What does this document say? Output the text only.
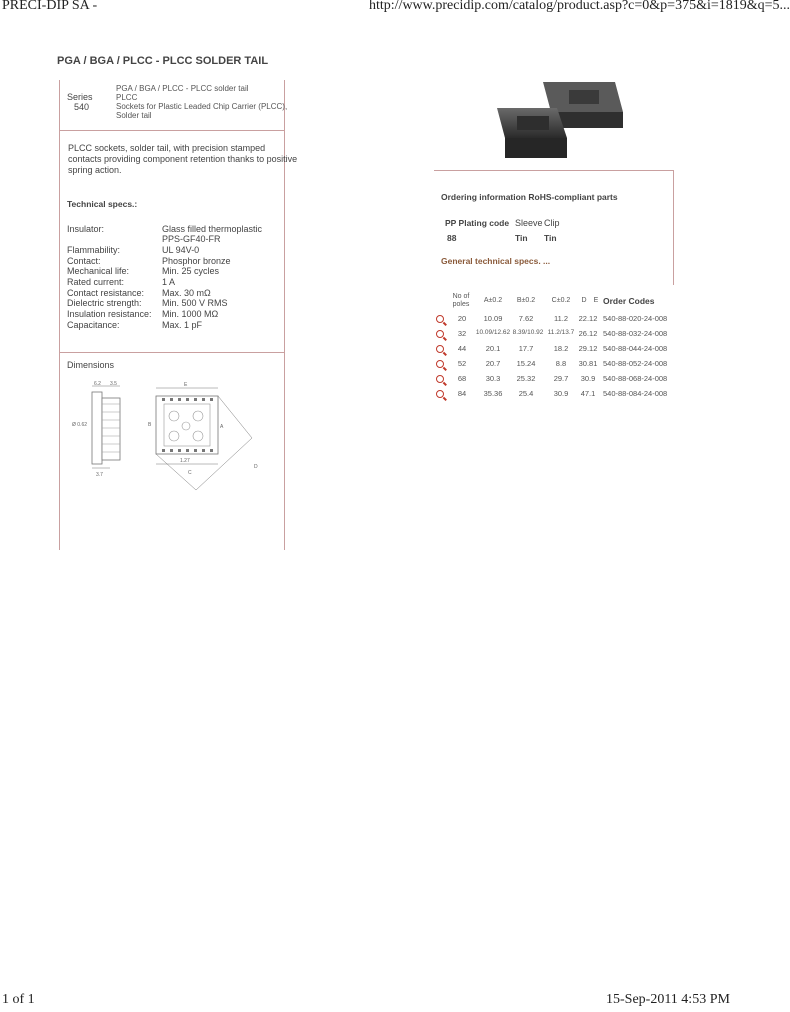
PRECI-DIP SA -	http://www.precidip.com/catalog/product.asp?c=0&p=375&i=1819&q=5...
PGA / BGA / PLCC - PLCC SOLDER TAIL
PGA / BGA / PLCC - PLCC solder tail
Series	PLCC
540	Sockets for Plastic Leaded Chip Carrier (PLCC),
Solder tail
PLCC sockets, solder tail, with precision stamped
contacts providing component retention thanks to positive
spring action.
Technical specs.:
Insulator:	Glass filled thermoplastic
PPS-GF40-FR
Flammability:	UL 94V-0
Contact:	Phosphor bronze
Mechanical life:	Min. 25 cycles
Rated current:	1 A
Contact resistance: Max. 30 mΩ
Dielectric strength: Min. 500 V RMS
Insulation resistance: Min. 1000 MΩ
Capacitance:	Max. 1 pF
Dimensions
6.2 3.5
Ø 0.62
3.7
E
B	A
1.27
C
D
Ordering information RoHS-compliant parts
PP Plating code Sleeve Clip
88	Tin Tin
General technical specs. ...
No of poles
A±0.2	B±0.2	C±0.2	D	E Order Codes
20	10.09	7.62	11.2	22.12 540-88-020-24-008
32	10.09/12.62 8.39/10.92 11.2/13.7 26.12 540-88-032-24-008
44	20.1	17.7	18.2	29.12 540-88-044-24-008
52	20.7	15.24	8.8	30.81 540-88-052-24-008
68	30.3	25.32	29.7	30.9	540-88-068-24-008
84	35.36	25.4	30.9	47.1	540-88-084-24-008
1 of 1	15-Sep-2011 4:53 PM
